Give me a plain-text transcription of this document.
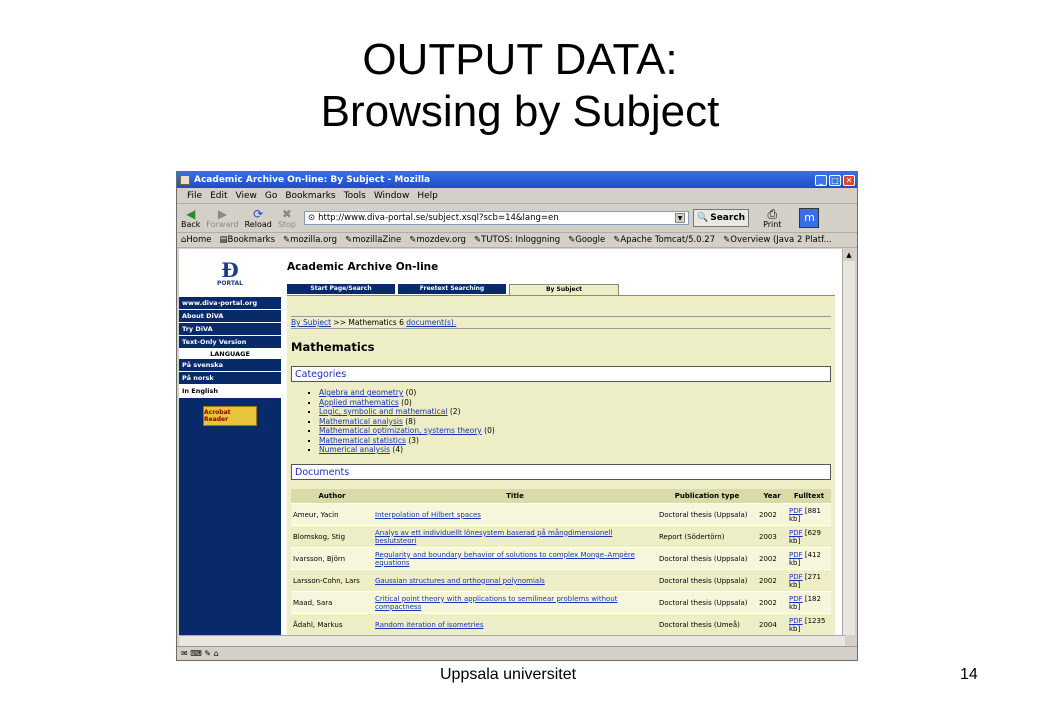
OUTPUT DATA:
Browsing by Subject
Academic Archive On-line: By Subject - Mozilla	_	□ ✕
File Edit View Go Bookmarks Tools Window Help
◀
Back
▶
Forward
⟳
Reload
✖
Stop
⊙ http://www.diva-portal.se/subject.xsql?scb=14&lang=en	▼ 🔍 Search ⎙
Print	m
⌂Home ▤Bookmarks ✎mozilla.org ✎mozillaZine ✎mozdev.org ✎TUTOS: Inloggning ✎Google ✎Apache Tomcat/5.0.27 ✎Overview (Java 2 Platf...
Ð
PORTAL
www.diva-portal.org
About DiVA
Try DiVA
Text-Only Version
LANGUAGE
På svenska
På norsk
In English
Acrobat Reader
Academic Archive On-line
Start Page/Search	Freetext Searching	By Subject
By Subject >> Mathematics 6 document(s).
Mathematics
Categories
▪ Algebra and geometry (0)
▪ Applied mathematics (0)
▪ Logic, symbolic and mathematical (2)
▪ Mathematical analysis (8)
▪ Mathematical optimization, systems theory (0)
▪ Mathematical statistics (3)
▪ Numerical analysis (4)
Documents
Author	Title	Publication type	Year	Fulltext
Ameur, Yacin	Interpolation of Hilbert spaces	Doctoral thesis (Uppsala)	2002	PDF [881 kb]
Blomskog, Stig	Analys av ett individuellt lönesystem baserad på mångdimensionell beslutsteori	Report (Södertörn)	2003	PDF [629 kb]
Ivarsson, Björn	Regularity and boundary behavior of solutions to complex Monge–Ampère equations	Doctoral thesis (Uppsala)	2002	PDF [412 kb]
Larsson-Cohn, Lars	Gaussian structures and orthogonal polynomials	Doctoral thesis (Uppsala)	2002	PDF [271 kb]
Maad, Sara	Critical point theory with applications to semilinear problems without compactness	Doctoral thesis (Uppsala)	2002	PDF [182 kb]
Ådahl, Markus	Random iteration of isometries	Doctoral thesis (Umeå)	2004	PDF [1235 kb]
▲
✉ ⌨ ✎ ⌂
Uppsala universitet	14
